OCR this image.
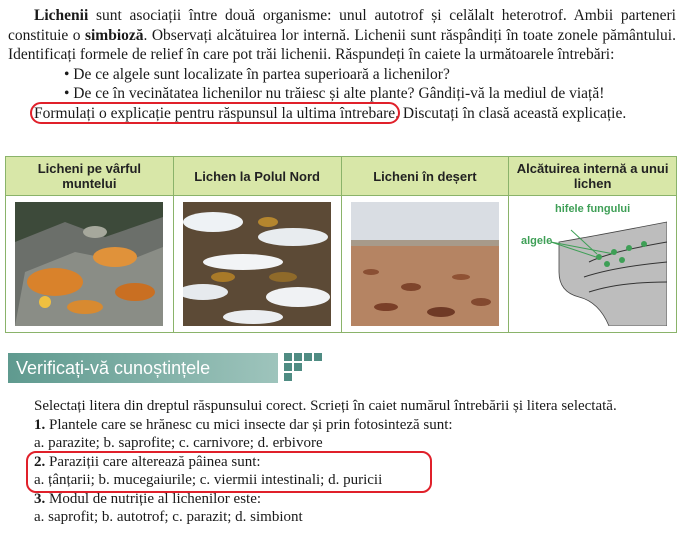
Lichenii sunt asociații între două organisme: unul autotrof și celălalt heterotrof. Ambii parteneri constituie o simbioză. Observați alcătuirea lor internă. Lichenii sunt răspândiți în toate zonele pământului. Identificați formele de relief în care pot trăi lichenii. Răspundeți în caiete la următoarele întrebări:

• De ce algele sunt localizate în partea superioară a lichenilor?

• De ce în vecinătatea lichenilor nu trăiesc și alte plante? Gândiți-vă la mediul de viață!

Formulați o explicație pentru răspunsul la ultima întrebare. Discutați în clasă această explicație.

Licheni pe vârful muntelui	Lichen la Polul Nord	Licheni în deșert	Alcătuirea internă a unui lichen

hifele fungului
algele
Verificați-vă cunoștințele

Selectați litera din dreptul răspunsului corect. Scrieți în caiet numărul întrebării și litera selectată.

1. Plantele care se hrănesc cu mici insecte dar și prin fotosinteză sunt:

a. parazite; b. saprofite; c. carnivore; d. erbivore

2. Paraziții care alterează pâinea sunt:

a. țânțarii; b. mucegaiurile; c. viermii intestinali; d. puricii

3. Modul de nutriție al lichenilor este:

a. saprofit; b. autotrof; c. parazit; d. simbiont
